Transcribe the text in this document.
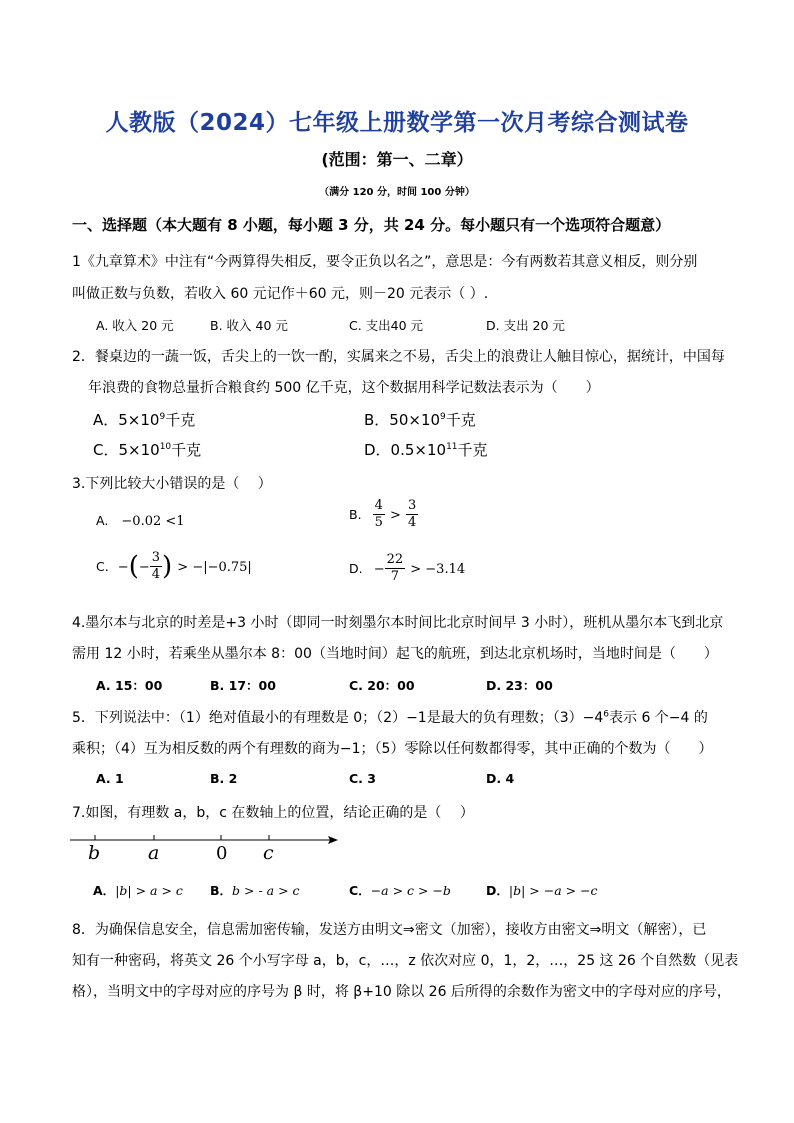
人教版（2024）七年级上册数学第一次月考综合测试卷
(范围：第一、二章）
（满分 120 分，时间 100 分钟）
一、选择题（本大题有 8 小题，每小题 3 分，共 24 分。每小题只有一个选项符合题意）
1《九章算术》中注有“今两算得失相反，要令正负以名之”，意思是：今有两数若其意义相反，则分别
叫做正数与负数，若收入 60 元记作＋60 元，则－20 元表示（ ）.
A. 收入 20 元	B. 收入 40 元	C. 支出40 元	D. 支出 20 元
2．餐桌边的一蔬一饭，舌尖上的一饮一酌，实属来之不易，舌尖上的浪费让人触目惊心，据统计，中国每
年浪费的食物总量折合粮食约 500 亿千克，这个数据用科学记数法表示为（　　）
A．$5\times 10^9$千克	B．$50\times 10^9$千克
C．$5\times 10^{10}$千克	D．$0.5\times 10^{11}$千克
3.下列比较大小错误的是（　 ）
A. −0.02 <1	B. $\frac{4}{5} > \frac{3}{4}$
C. −(− $\frac{3}{4}$ ) > −|−0.75|	D. − $\frac{22}{7} > -3.14$
4.墨尔本与北京的时差是+3 小时（即同一时刻墨尔本时间比北京时间早 3 小时），班机从墨尔本飞到北京
需用 12 小时，若乘坐从墨尔本 8：00（当地时间）起飞的航班，到达北京机场时，当地时间是（　　）
A. 15：00	B. 17：00	C. 20：00	D. 23：00
5．下列说法中：（1）绝对值最小的有理数是 0；（2）−1是最大的负有理数；$(3)-4^6$表示 6 个−4 的
乘积；（4）互为相反数的两个有理数的商为−1；（5）零除以任何数都得零，其中正确的个数为（　　）
A. 1	B. 2	C. 3	D. 4
7.如图，有理数 a，b，c 在数轴上的位置，结论正确的是（　 ）
b	a	0 c
A．|b| > a > c B．b > - a > c	C．−a > c > −b	D．|b| > −a > −c
8．为确保信息安全，信息需加密传输，发送方由明文⇒密文（加密），接收方由密文⇒明文（解密），已
知有一种密码，将英文 26 个小写字母 a，b，c，…，z 依次对应 0，1，2，…，25 这 26 个自然数（见表
格），当明文中的字母对应的序号为 β 时，将 β+10 除以 26 后所得的余数作为密文中的字母对应的序号，
